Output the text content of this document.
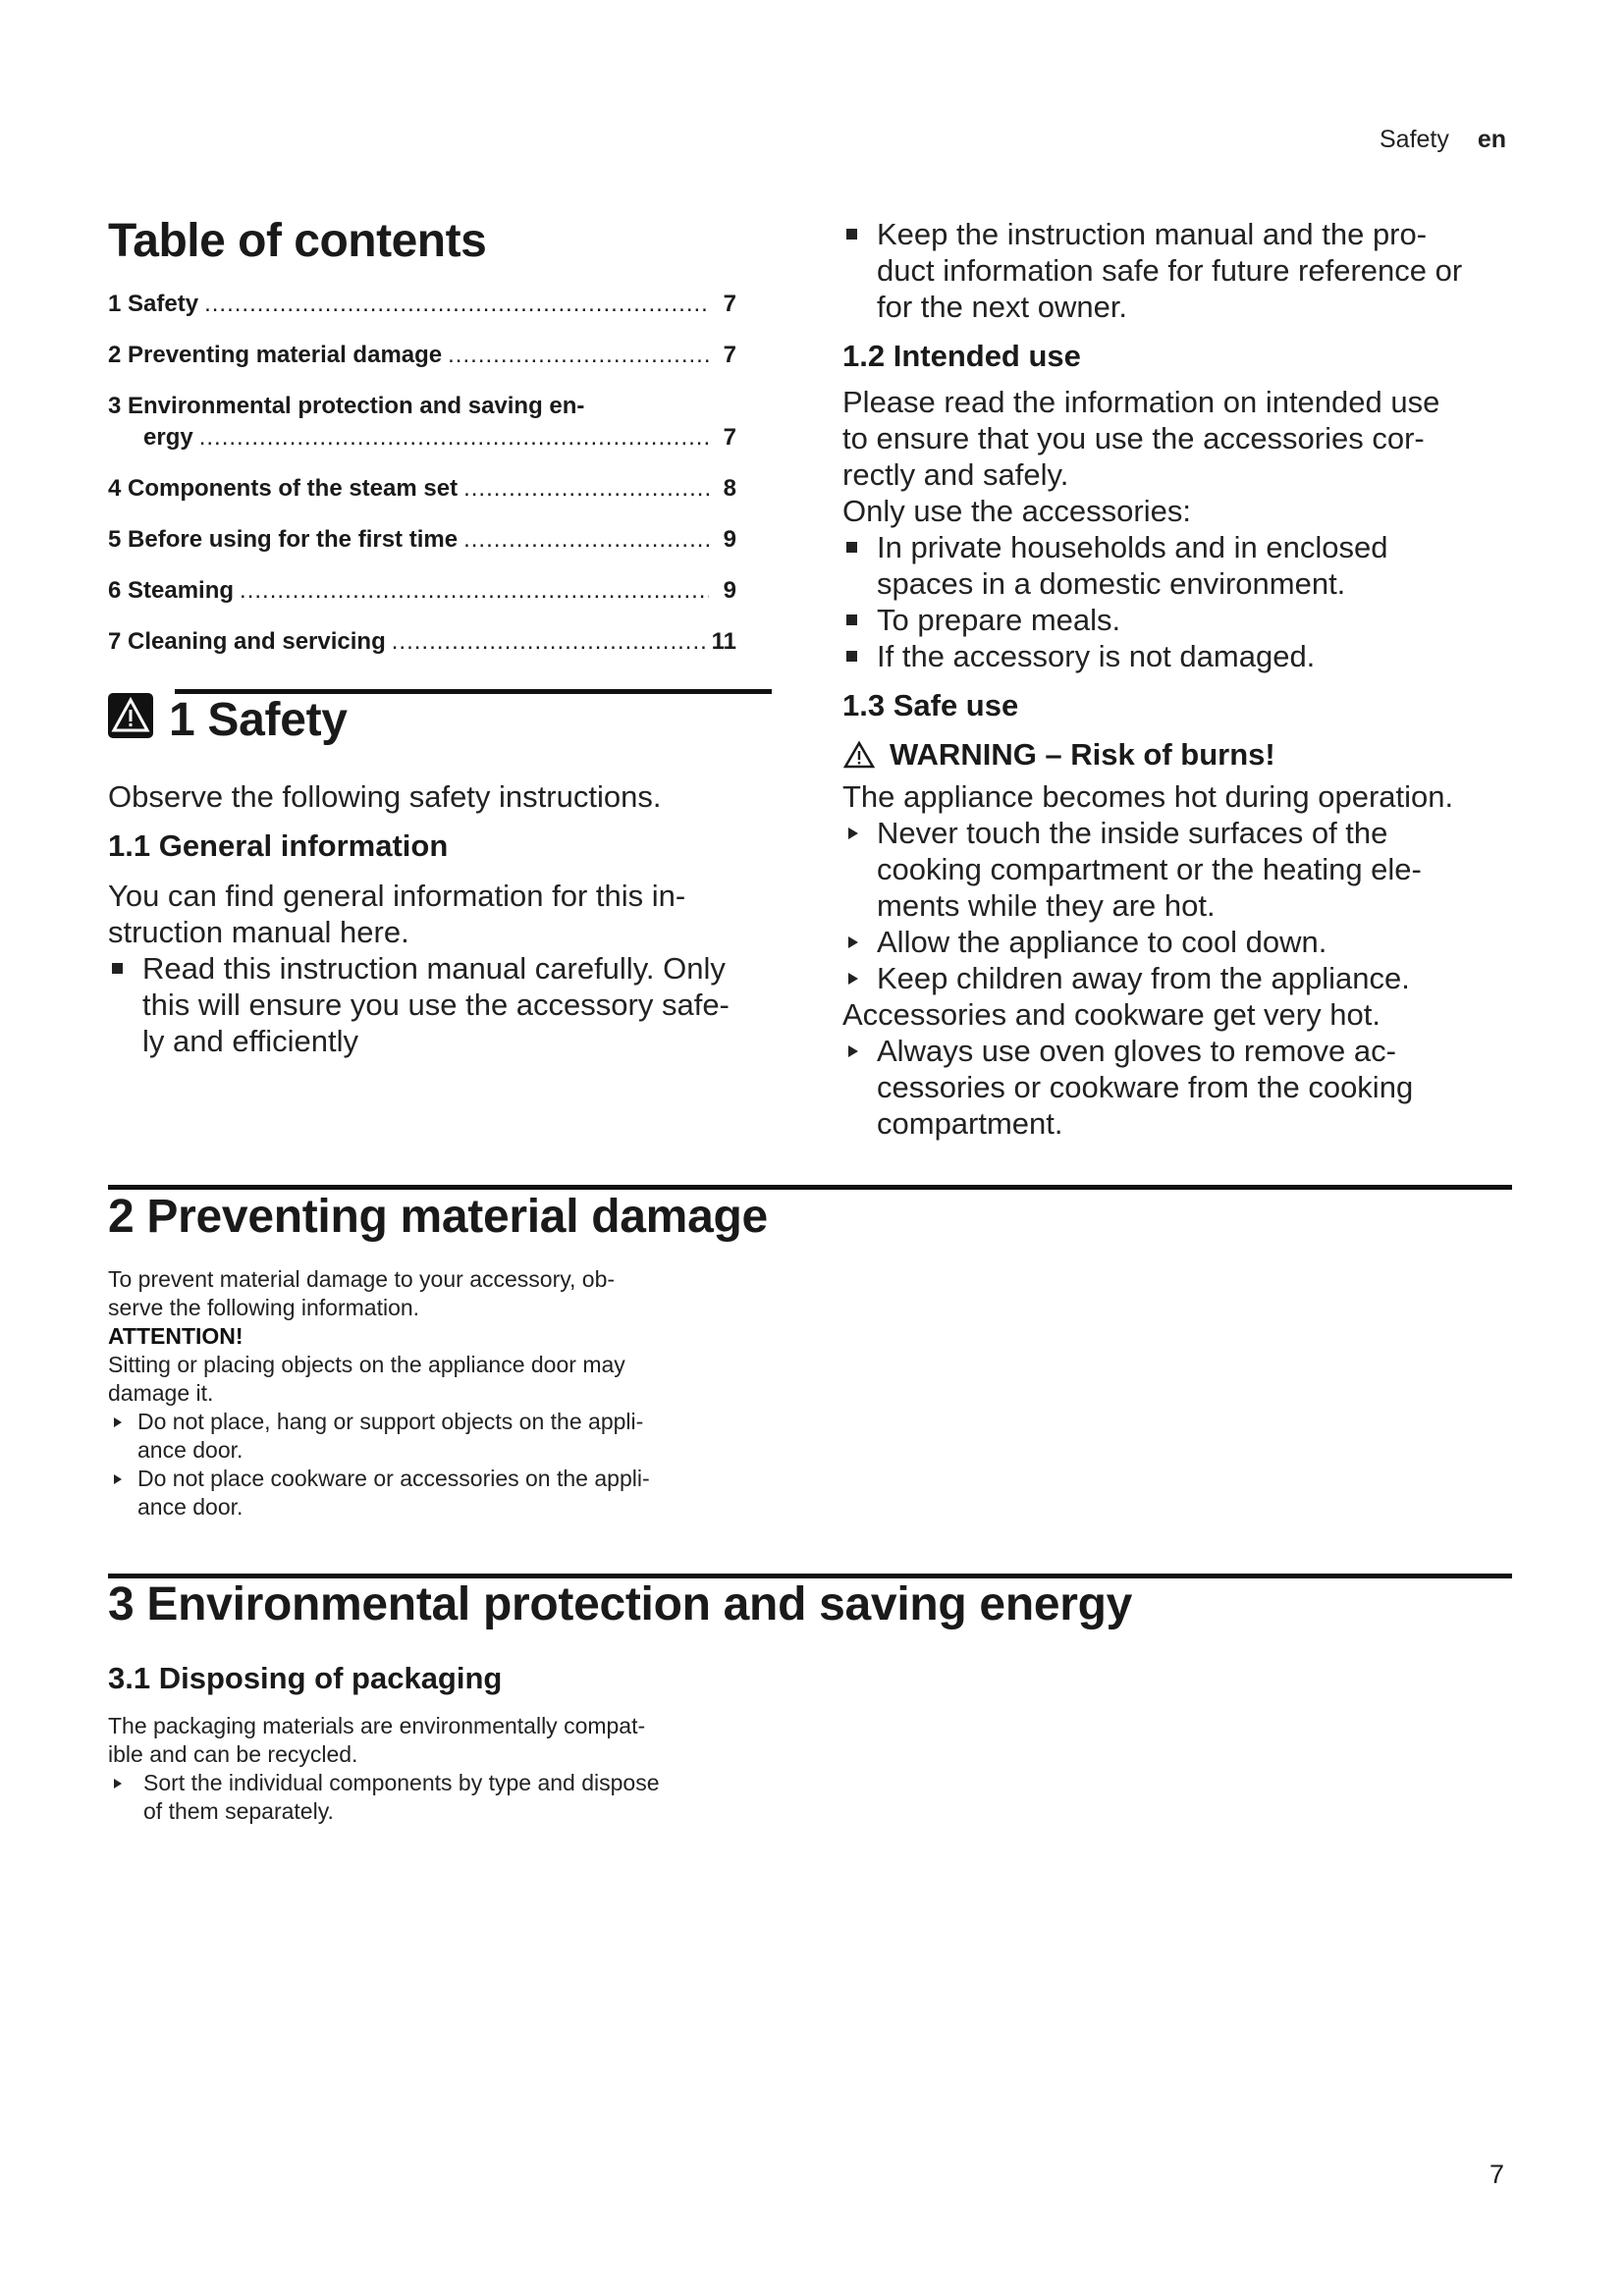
Safety en
Table of contents
1 Safety .....	7
2 Preventing material damage .....	7
3 Environmental protection and saving en-
ergy .....	7
4 Components of the steam set .....	8
5 Before using for the first time .....	9
6 Steaming .....	9
7 Cleaning and servicing .....	11
1 Safety
Observe the following safety instructions.
1.1 General information
You can find general information for this in-
struction manual here.
Read this instruction manual carefully. Only
this will ensure you use the accessory safe-
ly and efficiently
Keep the instruction manual and the pro-
duct information safe for future reference or
for the next owner.
1.2 Intended use
Please read the information on intended use
to ensure that you use the accessories cor-
rectly and safely.
Only use the accessories:
In private households and in enclosed
spaces in a domestic environment.
To prepare meals.
If the accessory is not damaged.
1.3 Safe use
WARNING – Risk of burns!
The appliance becomes hot during operation.
Never touch the inside surfaces of the
cooking compartment or the heating ele-
ments while they are hot.
Allow the appliance to cool down.
Keep children away from the appliance.
Accessories and cookware get very hot.
Always use oven gloves to remove ac-
cessories or cookware from the cooking
compartment.
2 Preventing material damage
To prevent material damage to your accessory, ob-
serve the following information.
ATTENTION!
Sitting or placing objects on the appliance door may
damage it.
Do not place, hang or support objects on the appli-
ance door.
Do not place cookware or accessories on the appli-
ance door.
3 Environmental protection and saving energy
3.1 Disposing of packaging
The packaging materials are environmentally compat-
ible and can be recycled.
Sort the individual components by type and dispose
of them separately.
7
